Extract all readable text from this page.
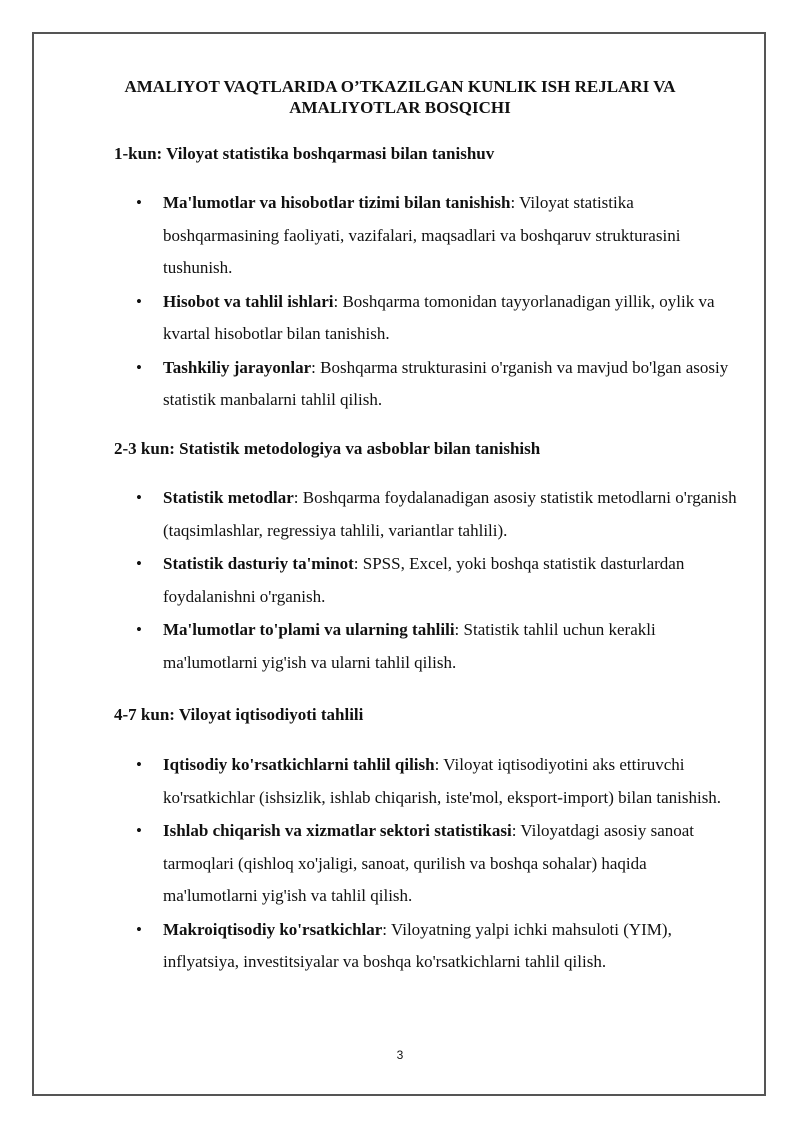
AMALIYOT VAQTLARIDA O’TKAZILGAN KUNLIK ISH REJLARI VA
AMALIYOTLAR BOSQICHI
1-kun: Viloyat statistika boshqarmasi bilan tanishuv
• Ma'lumotlar va hisobotlar tizimi bilan tanishish: Viloyat statistika boshqarmasining faoliyati, vazifalari, maqsadlari va boshqaruv strukturasini tushunish.
• Hisobot va tahlil ishlari: Boshqarma tomonidan tayyorlanadigan yillik, oylik va kvartal hisobotlar bilan tanishish.
• Tashkiliy jarayonlar: Boshqarma strukturasini o'rganish va mavjud bo'lgan asosiy statistik manbalarni tahlil qilish.
2-3 kun: Statistik metodologiya va asboblar bilan tanishish
• Statistik metodlar: Boshqarma foydalanadigan asosiy statistik metodlarni o'rganish (taqsimlashlar, regressiya tahlili, variantlar tahlili).
• Statistik dasturiy ta'minot: SPSS, Excel, yoki boshqa statistik dasturlardan foydalanishni o'rganish.
• Ma'lumotlar to'plami va ularning tahlili: Statistik tahlil uchun kerakli ma'lumotlarni yig'ish va ularni tahlil qilish.
4-7 kun: Viloyat iqtisodiyoti tahlili
• Iqtisodiy ko'rsatkichlarni tahlil qilish: Viloyat iqtisodiyotini aks ettiruvchi ko'rsatkichlar (ishsizlik, ishlab chiqarish, iste'mol, eksport-import) bilan tanishish.
• Ishlab chiqarish va xizmatlar sektori statistikasi: Viloyatdagi asosiy sanoat tarmoqlari (qishloq xo'jaligi, sanoat, qurilish va boshqa sohalar) haqida ma'lumotlarni yig'ish va tahlil qilish.
• Makroiqtisodiy ko'rsatkichlar: Viloyatning yalpi ichki mahsuloti (YIM), inflyatsiya, investitsiyalar va boshqa ko'rsatkichlarni tahlil qilish.
3
